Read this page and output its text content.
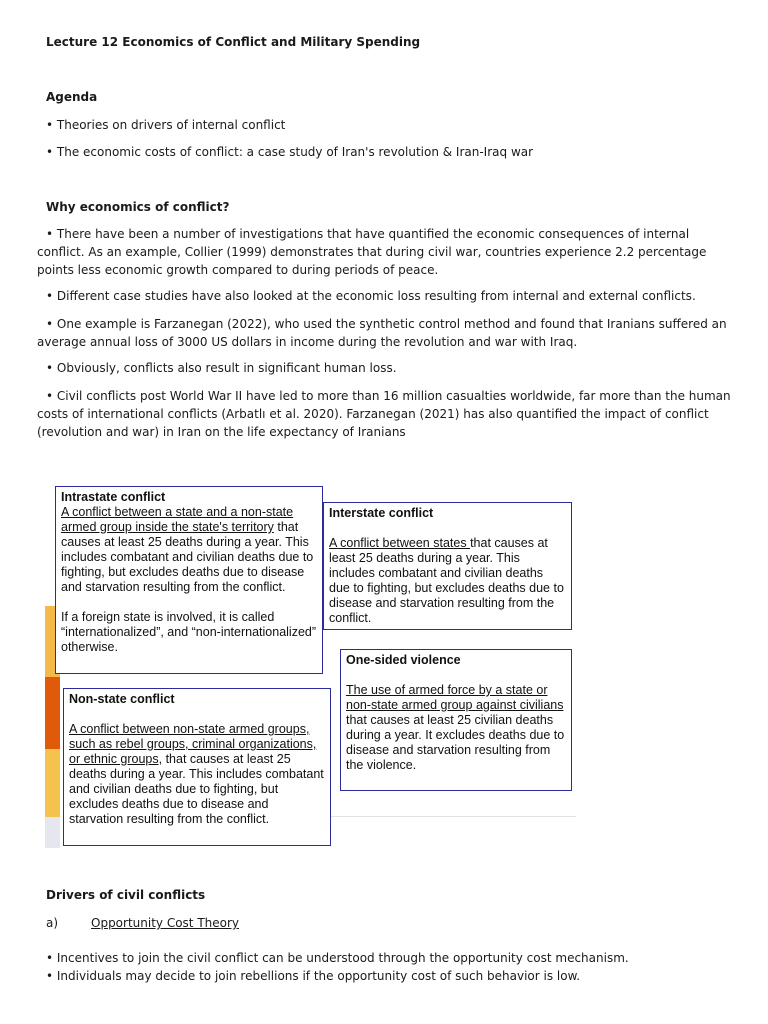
Lecture 12 Economics of Conflict and Military Spending
Agenda
• Theories on drivers of internal conflict
• The economic costs of conflict: a case study of Iran's revolution & Iran-Iraq war
Why economics of conflict?
• There have been a number of investigations that have quantified the economic consequences of internal conflict. As an example, Collier (1999) demonstrates that during civil war, countries experience 2.2 percentage points less economic growth compared to during periods of peace.
• Different case studies have also looked at the economic loss resulting from internal and external conflicts.
• One example is Farzanegan (2022), who used the synthetic control method and found that Iranians suffered an average annual loss of 3000 US dollars in income during the revolution and war with Iraq.
• Obviously, conflicts also result in significant human loss.
• Civil conflicts post World War II have led to more than 16 million casualties worldwide, far more than the human costs of international conflicts (Arbatlı et al. 2020). Farzanegan (2021) has also quantified the impact of conflict (revolution and war) in Iran on the life expectancy of Iranians
Intrastate conflict
A conflict between a state and a non-state armed group inside the state's territory that causes at least 25 deaths during a year. This includes combatant and civilian deaths due to fighting, but excludes deaths due to disease and starvation resulting from the conflict.
If a foreign state is involved, it is called “internationalized”, and “non-internationalized” otherwise.
Interstate conflict
A conflict between states that causes at least 25 deaths during a year. This includes combatant and civilian deaths due to fighting, but excludes deaths due to disease and starvation resulting from the conflict.
One-sided violence
The use of armed force by a state or non-state armed group against civilians that causes at least 25 civilian deaths during a year. It excludes deaths due to disease and starvation resulting from the violence.
Non-state conflict
A conflict between non-state armed groups, such as rebel groups, criminal organizations, or ethnic groups, that causes at least 25 deaths during a year. This includes combatant and civilian deaths due to fighting, but excludes deaths due to disease and starvation resulting from the conflict.
Drivers of civil conflicts
a)	Opportunity Cost Theory
• Incentives to join the civil conflict can be understood through the opportunity cost mechanism.
• Individuals may decide to join rebellions if the opportunity cost of such behavior is low.
